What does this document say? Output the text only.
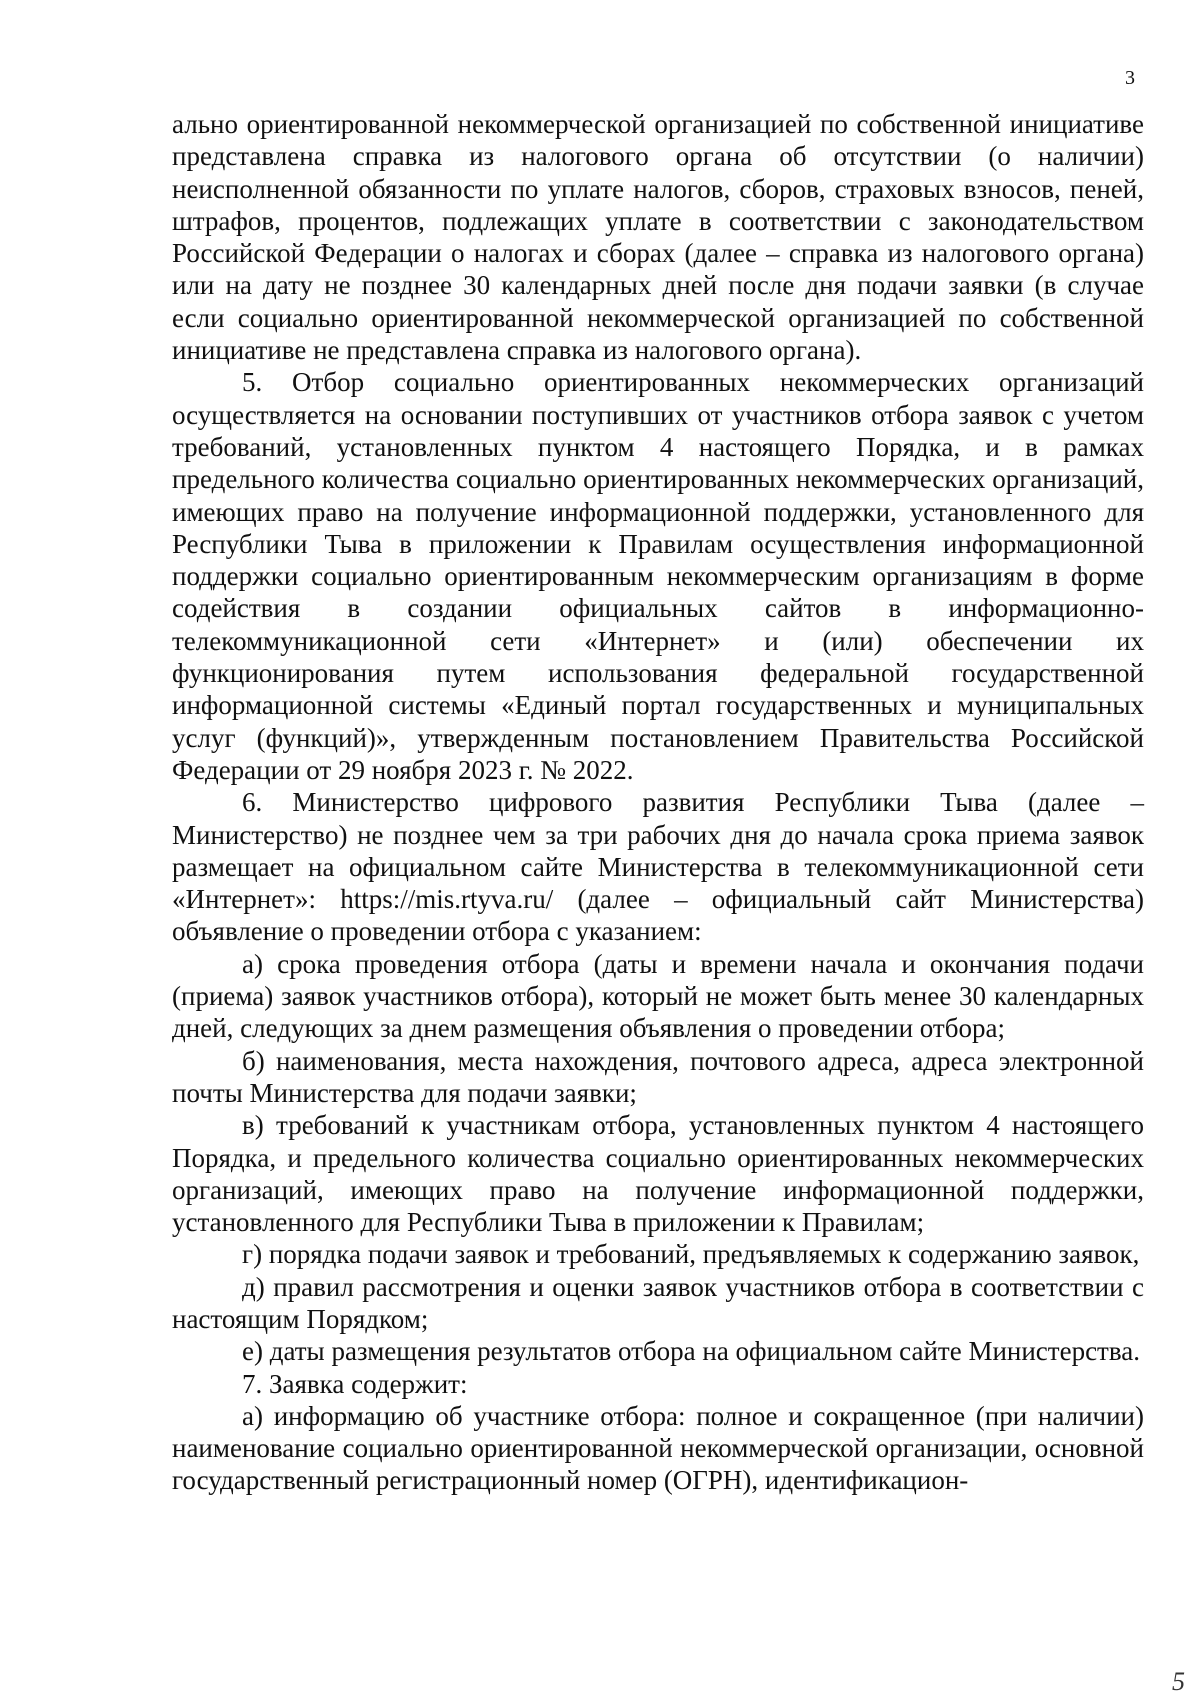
3

ально ориентированной некоммерческой организацией по собственной инициативе представлена справка из налогового органа об отсутствии (о наличии) неисполненной обязанности по уплате налогов, сборов, страховых взносов, пеней, штрафов, процентов, подлежащих уплате в соответствии с законодательством Российской Федерации о налогах и сборах (далее – справка из налогового органа) или на дату не позднее 30 календарных дней после дня подачи заявки (в случае если социально ориентированной некоммерческой организацией по собственной инициативе не представлена справка из налогового органа).

5. Отбор социально ориентированных некоммерческих организаций осуществляется на основании поступивших от участников отбора заявок с учетом требований, установленных пунктом 4 настоящего Порядка, и в рамках предельного количества социально ориентированных некоммерческих организаций, имеющих право на получение информационной поддержки, установленного для Республики Тыва в приложении к Правилам осуществления информационной поддержки социально ориентированным некоммерческим организациям в форме содействия в создании официальных сайтов в информационно-телекоммуникационной сети «Интернет» и (или) обеспечении их функционирования путем использования федеральной государственной информационной системы «Единый портал государственных и муниципальных услуг (функций)», утвержденным постановлением Правительства Российской Федерации от 29 ноября 2023 г. № 2022.

6. Министерство цифрового развития Республики Тыва (далее – Министерство) не позднее чем за три рабочих дня до начала срока приема заявок размещает на официальном сайте Министерства в телекоммуникационной сети «Интернет»: https://mis.rtyva.ru/ (далее – официальный сайт Министерства) объявление о проведении отбора с указанием:

а) срока проведения отбора (даты и времени начала и окончания подачи (приема) заявок участников отбора), который не может быть менее 30 календарных дней, следующих за днем размещения объявления о проведении отбора;

б) наименования, места нахождения, почтового адреса, адреса электронной почты Министерства для подачи заявки;

в) требований к участникам отбора, установленных пунктом 4 настоящего Порядка, и предельного количества социально ориентированных некоммерческих организаций, имеющих право на получение информационной поддержки, установленного для Республики Тыва в приложении к Правилам;

г) порядка подачи заявок и требований, предъявляемых к содержанию заявок,

д) правил рассмотрения и оценки заявок участников отбора в соответствии с настоящим Порядком;

е) даты размещения результатов отбора на официальном сайте Министерства.

7. Заявка содержит:

а) информацию об участнике отбора: полное и сокращенное (при наличии) наименование социально ориентированной некоммерческой организации, основной государственный регистрационный номер (ОГРН), идентификацион-

5
